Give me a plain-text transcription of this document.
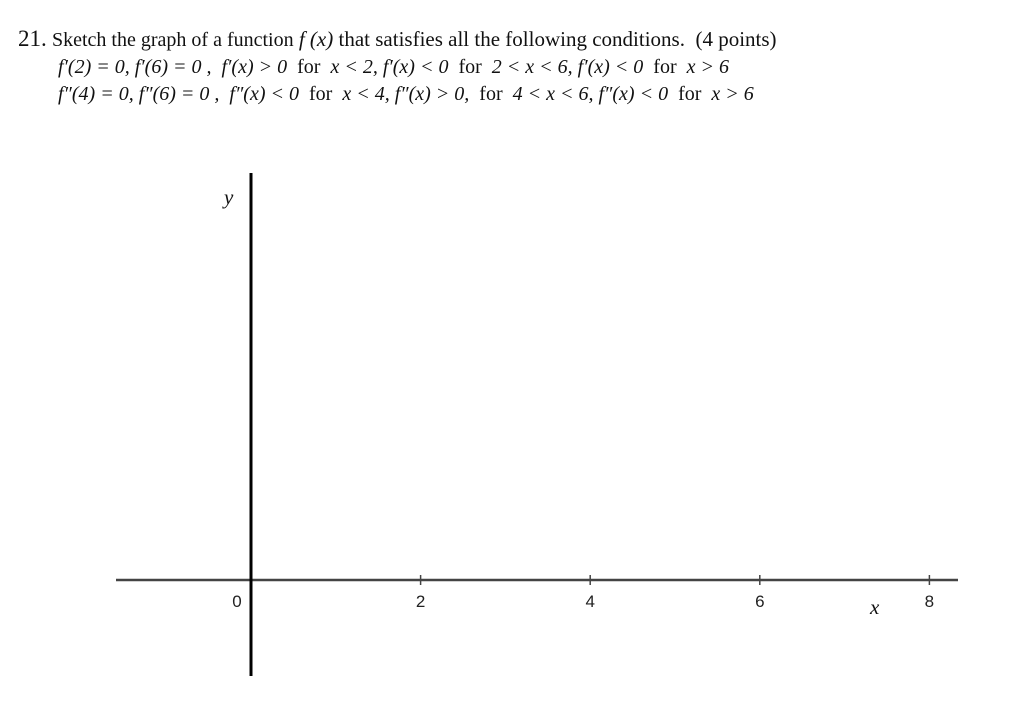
21. Sketch the graph of a function f (x) that satisfies all the following conditions. (4 points)
f′(2) = 0, f′(6) = 0 , f′(x) > 0 for x < 2, f′(x) < 0 for 2 < x < 6, f′(x) < 0 for x > 6
f″(4) = 0, f″(6) = 0 , f″(x) < 0 for x < 4, f″(x) > 0, for 4 < x < 6, f″(x) < 0 for x > 6
0	2	4	6	8
y
x
